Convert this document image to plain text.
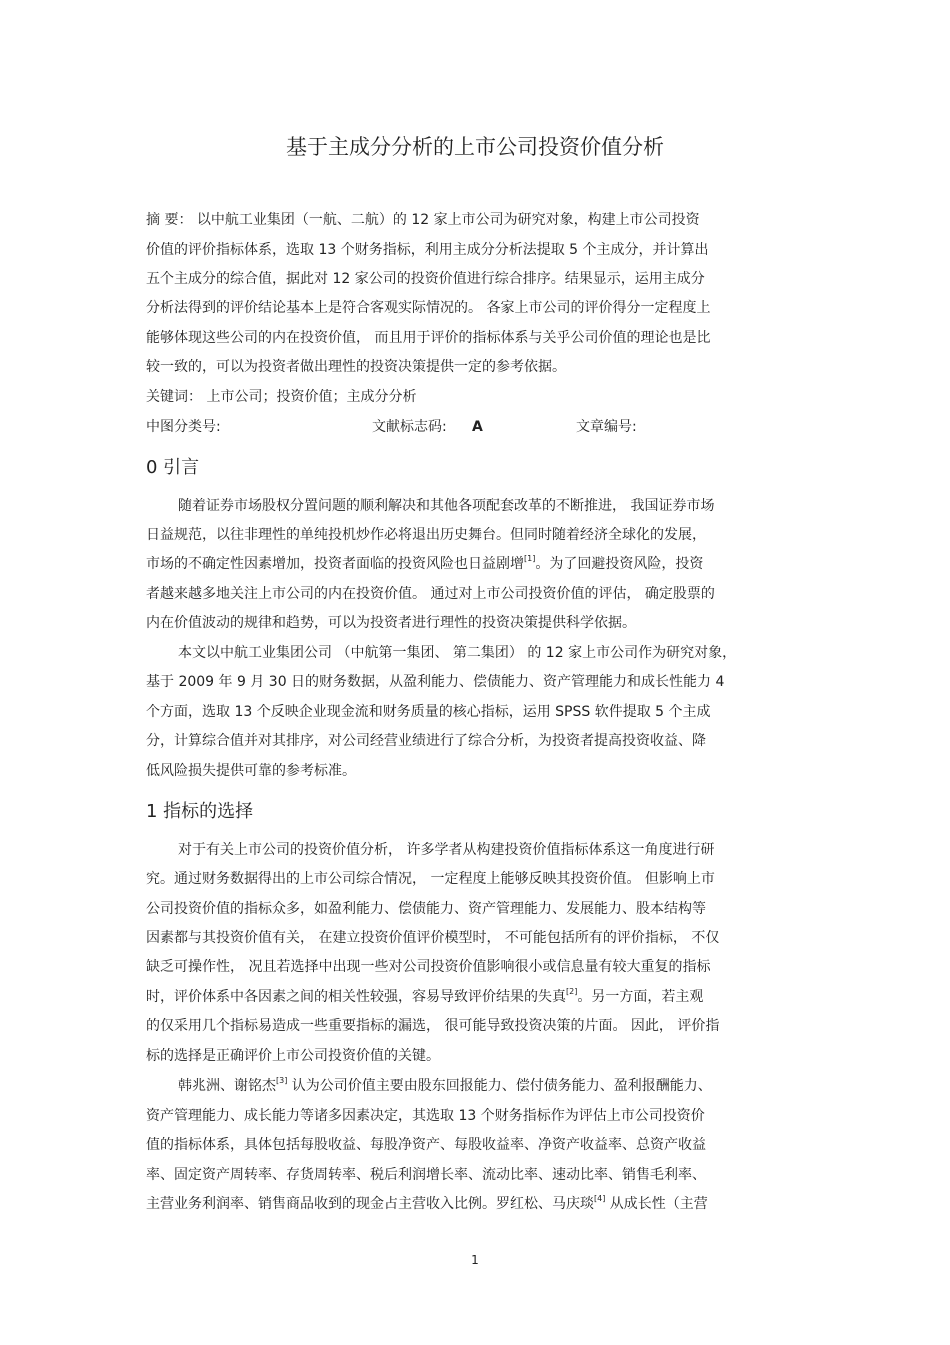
基于主成分分析的上市公司投资价值分析
摘 要： 以中航工业集团（一航、二航）的 12 家上市公司为研究对象，构建上市公司投资
价值的评价指标体系，选取 13 个财务指标，利用主成分分析法提取 5 个主成分，并计算出
五个主成分的综合值，据此对 12 家公司的投资价值进行综合排序。结果显示，运用主成分
分析法得到的评价结论基本上是符合客观实际情况的。 各家上市公司的评价得分一定程度上
能够体现这些公司的内在投资价值， 而且用于评价的指标体系与关乎公司价值的理论也是比
较一致的，可以为投资者做出理性的投资决策提供一定的参考依据。
关键词： 上市公司；投资价值；主成分分析
中图分类号:	文献标志码: A	文章编号:
0 引言
随着证券市场股权分置问题的顺利解决和其他各项配套改革的不断推进， 我国证券市场
日益规范，以往非理性的单纯投机炒作必将退出历史舞台。但同时随着经济全球化的发展，
市场的不确定性因素增加，投资者面临的投资风险也日益剧增[1]。为了回避投资风险，投资
者越来越多地关注上市公司的内在投资价值。 通过对上市公司投资价值的评估， 确定股票的
内在价值波动的规律和趋势，可以为投资者进行理性的投资决策提供科学依据。
本文以中航工业集团公司 （中航第一集团、 第二集团） 的 12 家上市公司作为研究对象，
基于 2009 年 9 月 30 日的财务数据，从盈利能力、偿债能力、资产管理能力和成长性能力 4
个方面，选取 13 个反映企业现金流和财务质量的核心指标，运用 SPSS 软件提取 5 个主成
分，计算综合值并对其排序，对公司经营业绩进行了综合分析，为投资者提高投资收益、降
低风险损失提供可靠的参考标准。
1 指标的选择
对于有关上市公司的投资价值分析， 许多学者从构建投资价值指标体系这一角度进行研
究。通过财务数据得出的上市公司综合情况， 一定程度上能够反映其投资价值。 但影响上市
公司投资价值的指标众多，如盈利能力、偿债能力、资产管理能力、发展能力、股本结构等
因素都与其投资价值有关， 在建立投资价值评价模型时， 不可能包括所有的评价指标， 不仅
缺乏可操作性， 况且若选择中出现一些对公司投资价值影响很小或信息量有较大重复的指标
时，评价体系中各因素之间的相关性较强，容易导致评价结果的失真[2]。另一方面，若主观
的仅采用几个指标易造成一些重要指标的漏选， 很可能导致投资决策的片面。 因此， 评价指
标的选择是正确评价上市公司投资价值的关键。
韩兆洲、谢铭杰[3] 认为公司价值主要由股东回报能力、偿付债务能力、盈利报酬能力、
资产管理能力、成长能力等诸多因素决定，其选取 13 个财务指标作为评估上市公司投资价
值的指标体系，具体包括每股收益、每股净资产、每股收益率、净资产收益率、总资产收益
率、固定资产周转率、存货周转率、税后利润增长率、流动比率、速动比率、销售毛利率、
主营业务利润率、销售商品收到的现金占主营收入比例。罗红松、马庆琰[4] 从成长性（主营
1
